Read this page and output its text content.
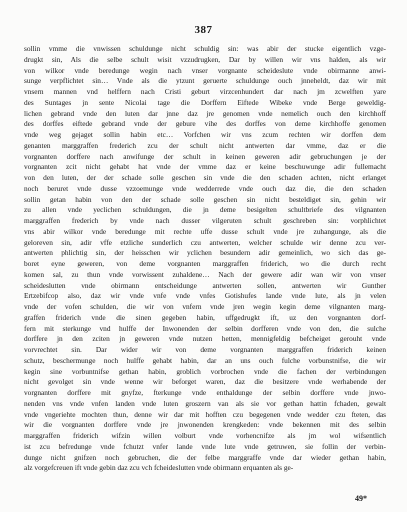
387
sollin vmme die vnwissen schuldunge nicht schuldig sin: was abir der stucke eigentlich vzge-
drugkt sin, Als die selbe schult wisit vzzudrugken, Dar by willen wir vns halden, als wir
von wilkor vnde beredunge wegin nach vnser vorgnante scheideslute vnde obirmanne anwi-
sunge verpflichtet sin… Vnde als die ytzunt geruerte schuldunge ouch jnneheldt, daz wir mit
vnsern mannen vnd helffern nach Cristi geburt virzcenhundert dar nach jm zcwelften yare
des Suntages jn sente Nicolai tage die Dorffern Eiftede Wibeke vnde Berge geweldig-
lichen gebrand vnde den luten dar jnne daz jre genomen vnde nemelich ouch den kirchhoff
des dorffes eiftede gebrand vnde der gebure vihe des dorffes von deme kirchhoffe genomen
vnde weg gejaget sollin habin etc… Vorfchen wir vns zcum rechten wir dorffen dem
genanten marggraffen frederich zcu der schult nicht antwerten dar vmme, daz er die
vorgnanten dorffere nach anwifunge der schult in keinen geweren adir gebruchungen je der
vorgnanten zcit nicht gehabt hat vnde der vmme daz er keine beschuwunge adir fullemacht
von den luten, der der schade solle geschen sin vnde die den schaden achten, nicht erlanget
noch beruret vnde dusse vzzoemunge vnde wedderrede vnde ouch daz die, die den schaden
sollin getan habin von den der schade solle geschen sin nicht besteldiget sin, gehin wir
zu allen vnde yeclichen schuldungen, die jn deme besigelten schultbriefe des vilgnanten
marggraffen frederich by vnde nach dusser vilgeruten schult geschreben sin: vorphlichtet
vns abir wilkor vnde beredunge mit rechte uffe dusse schult vnde jre zuhangunge, als die
geloreven sin, adir vffe etzliche sunderlich czu antwerten, welcher schulde wir denne zcu ver-
antwerten phlichtig sin, der heisschen wir yclichen besundern adir gemeinlich, wo sich das ge-
boret eyne geweren, von deme vorgnanten marggraffen friderich, wo die durch recht
komen sal, zu thun vnde vorwissent zuhaldene… Nach der gewere adir wan wir von vnser
scheideslutten vnde obirmann entscheidunge antwerten sollen, antwerten wir Gunther
Ertzebifcop also, daz wir vnde vnfe vnde vnfes Gotishufes lande vnde lute, als jn velen
vnde der vofen schulden, die wir von vnfern vnde jren wegin kegin deme vilgnanten marg-
graffen friderich vnde die sinen gegeben habin, uffgedrugkt ift, uz den vorgnanten dorf-
fern mit sterkunge vnd hulffe der Inwonenden der selbin dorfferen vnde von den, die sulche
dorffere jn den zciten jn geweren vnde nutzen hetten, mennigfeldig befcheiget gerouht vnde
vorvrechtet sin. Dar wider wir von deme vorgnanten marggraffen friderich keinen
schutz, beschermunge noch hulffe gehabt habin, dar an uns ouch fulche vorbunstnifse, die wir
kegin sine vorbuntnifse gethan habin, groblich vorbrochen vnde die fachen der verbindungen
nicht gevolget sin vnde wenne wir beforget waren, daz die besitzere vnde werhabende der
vorgnanten dorffere mit gnyfze, fterkunge vnde enthaldunge der selbin dorffere vnde jnwo-
nenden vns vnde vnfen landen vnde luten groszern van als sie vor gethan hattin fchaden, gewalt
vnde vngeriehte mochten thun, denne wir dar mit hofften czu begegenen vnde wedder czu fteten, das
wir die vorgnanten dorffere vnde jre jnwonenden krengkeden: vnde bekennen mit des selbin
marggraffen friderich wifzin willen volburt vnde vorhencnifze als jm wol wifsentlich
ist zcu befredunge vnde fchutzt vnfer lande vnde lute vnde getruwen, sie follin der verbin-
dunge nicht gnifzen noch gebruchen, die der felbe marggraffe vnde dar wieder gethan habin,
alz vorgefcreuen ift vnde gebin daz zcu vch fcheideslutten vnde obirmann erquanten als ge-
49*
